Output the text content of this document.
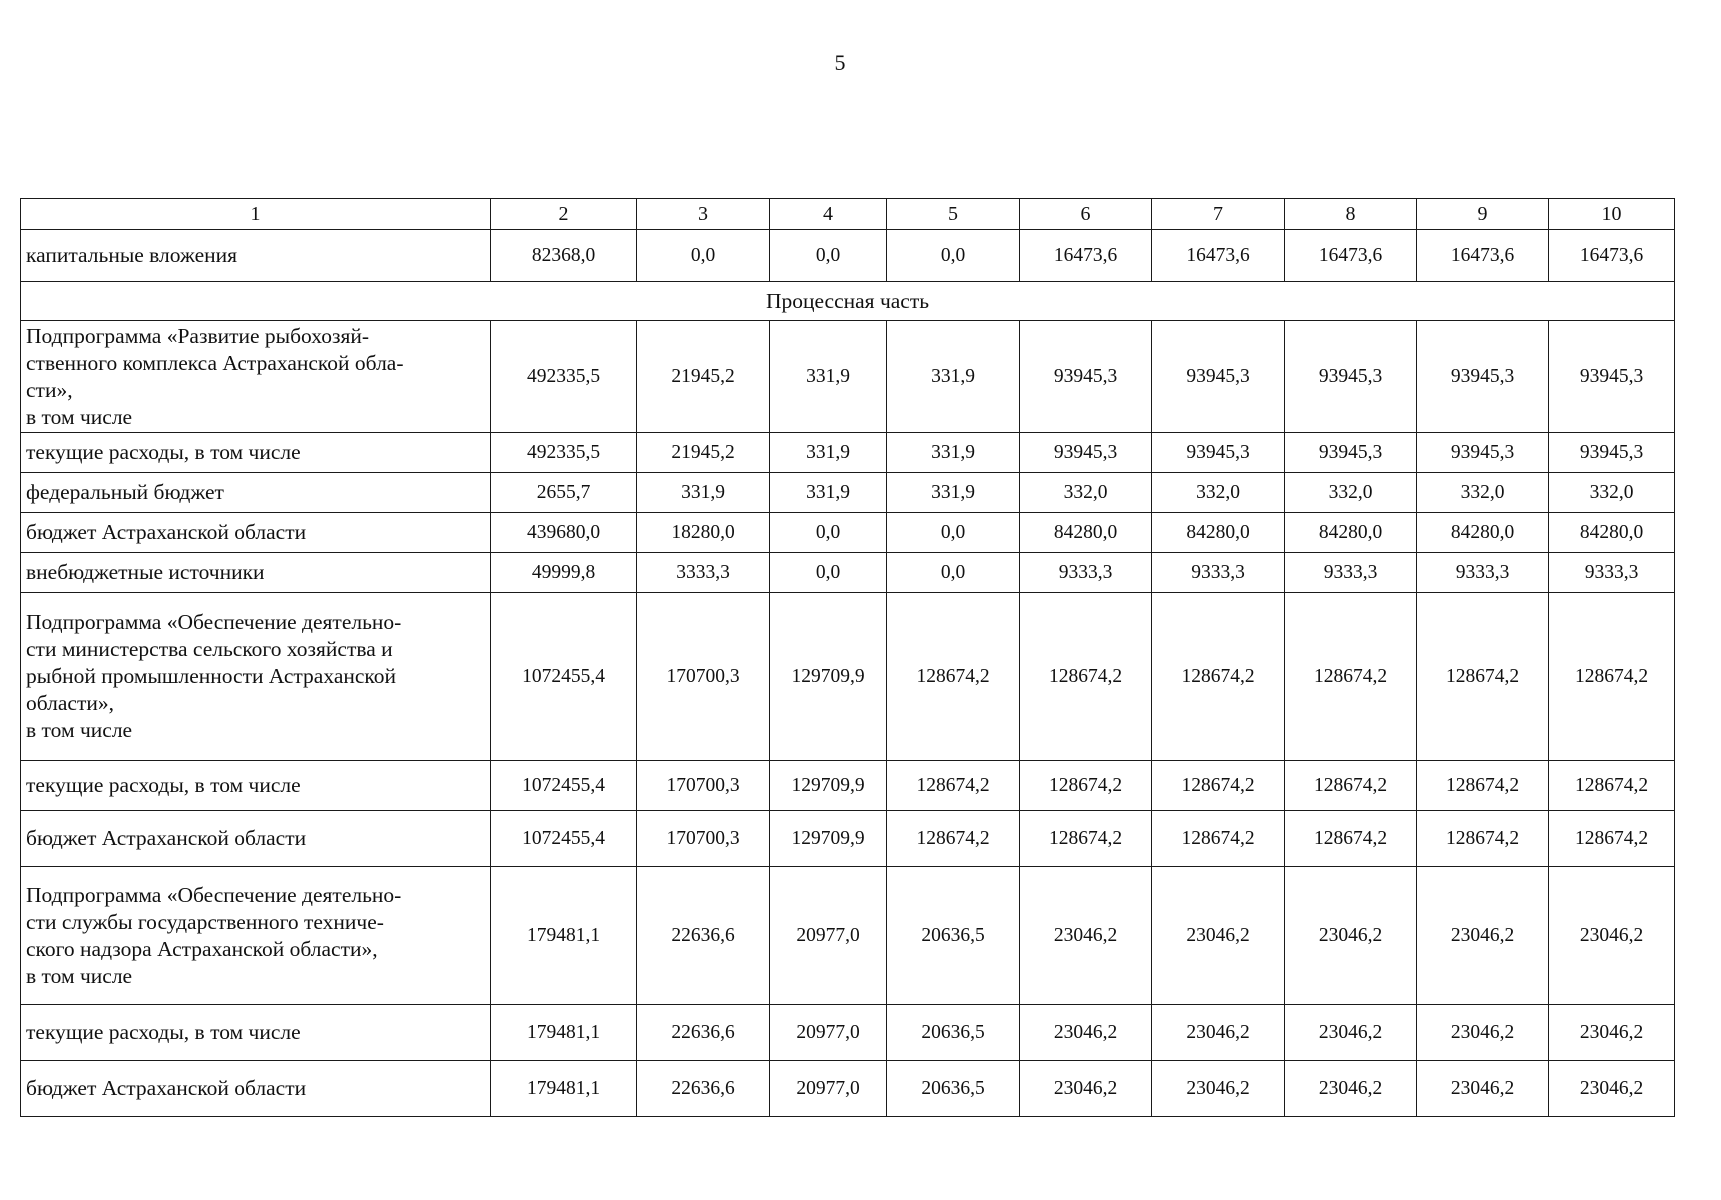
5
1	2	3	4	5	6	7	8	9	10
капитальные вложения	82368,0	0,0	0,0	0,0	16473,6	16473,6	16473,6	16473,6	16473,6
Процессная часть									
Подпрограмма «Развитие рыбохозяй-
ственного комплекса Астраханской обла-
сти»,
в том числе	492335,5	21945,2	331,9	331,9	93945,3	93945,3	93945,3	93945,3	93945,3
текущие расходы, в том числе	492335,5	21945,2	331,9	331,9	93945,3	93945,3	93945,3	93945,3	93945,3
федеральный бюджет	2655,7	331,9	331,9	331,9	332,0	332,0	332,0	332,0	332,0
бюджет Астраханской области	439680,0	18280,0	0,0	0,0	84280,0	84280,0	84280,0	84280,0	84280,0
внебюджетные источники	49999,8	3333,3	0,0	0,0	9333,3	9333,3	9333,3	9333,3	9333,3
Подпрограмма «Обеспечение деятельно-
сти министерства сельского хозяйства и
рыбной промышленности Астраханской
области»,
в том числе	1072455,4	170700,3	129709,9	128674,2	128674,2	128674,2	128674,2	128674,2	128674,2
текущие расходы, в том числе	1072455,4	170700,3	129709,9	128674,2	128674,2	128674,2	128674,2	128674,2	128674,2
бюджет Астраханской области	1072455,4	170700,3	129709,9	128674,2	128674,2	128674,2	128674,2	128674,2	128674,2
Подпрограмма «Обеспечение деятельно-
сти службы государственного техниче-
ского надзора Астраханской области»,
в том числе	179481,1	22636,6	20977,0	20636,5	23046,2	23046,2	23046,2	23046,2	23046,2
текущие расходы, в том числе	179481,1	22636,6	20977,0	20636,5	23046,2	23046,2	23046,2	23046,2	23046,2
бюджет Астраханской области	179481,1	22636,6	20977,0	20636,5	23046,2	23046,2	23046,2	23046,2	23046,2
